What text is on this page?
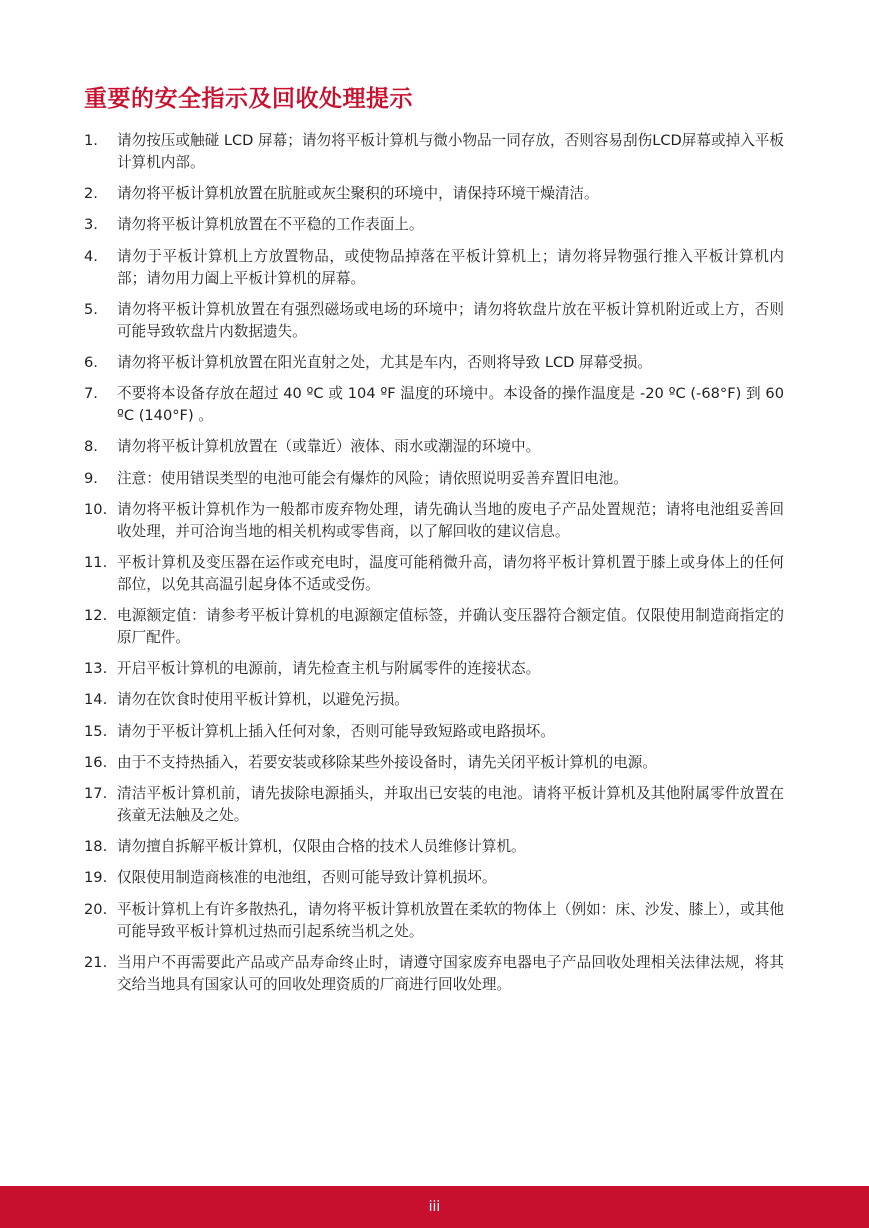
重要的安全指示及回收处理提示
1.	请勿按压或触碰 LCD 屏幕；请勿将平板计算机与微小物品一同存放，否则容易刮伤LCD屏幕或掉入平板计算机内部。
2.	请勿将平板计算机放置在肮脏或灰尘聚积的环境中，请保持环境干燥清洁。
3.	请勿将平板计算机放置在不平稳的工作表面上。
4.	请勿于平板计算机上方放置物品，或使物品掉落在平板计算机上；请勿将异物强行推入平板计算机内部；请勿用力阖上平板计算机的屏幕。
5.	请勿将平板计算机放置在有强烈磁场或电场的环境中；请勿将软盘片放在平板计算机附近或上方，否则可能导致软盘片内数据遗失。
6.	请勿将平板计算机放置在阳光直射之处，尤其是车内，否则将导致 LCD 屏幕受损。
7.	不要将本设备存放在超过 40 ºC 或 104 ºF 温度的环境中。本设备的操作温度是 -20 ºC (-68°F) 到 60 ºC (140°F) 。
8.	请勿将平板计算机放置在（或靠近）液体、雨水或潮湿的环境中。
9.	注意：使用错误类型的电池可能会有爆炸的风险；请依照说明妥善弃置旧电池。
10. 请勿将平板计算机作为一般都市废弃物处理，请先确认当地的废电子产品处置规范；请将电池组妥善回收处理，并可洽询当地的相关机构或零售商，以了解回收的建议信息。
11. 平板计算机及变压器在运作或充电时，温度可能稍微升高，请勿将平板计算机置于膝上或身体上的任何部位，以免其高温引起身体不适或受伤。
12. 电源额定值：请参考平板计算机的电源额定值标签，并确认变压器符合额定值。仅限使用制造商指定的原厂配件。
13. 开启平板计算机的电源前，请先检查主机与附属零件的连接状态。
14. 请勿在饮食时使用平板计算机，以避免污损。
15. 请勿于平板计算机上插入任何对象，否则可能导致短路或电路损坏。
16. 由于不支持热插入，若要安装或移除某些外接设备时，请先关闭平板计算机的电源。
17. 清洁平板计算机前，请先拔除电源插头，并取出已安装的电池。请将平板计算机及其他附属零件放置在孩童无法触及之处。
18. 请勿擅自拆解平板计算机，仅限由合格的技术人员维修计算机。
19. 仅限使用制造商核准的电池组，否则可能导致计算机损坏。
20. 平板计算机上有许多散热孔，请勿将平板计算机放置在柔软的物体上（例如：床、沙发、膝上），或其他可能导致平板计算机过热而引起系统当机之处。
21. 当用户不再需要此产品或产品寿命终止时，请遵守国家废弃电器电子产品回收处理相关法律法规，将其交给当地具有国家认可的回收处理资质的厂商进行回收处理。
iii
